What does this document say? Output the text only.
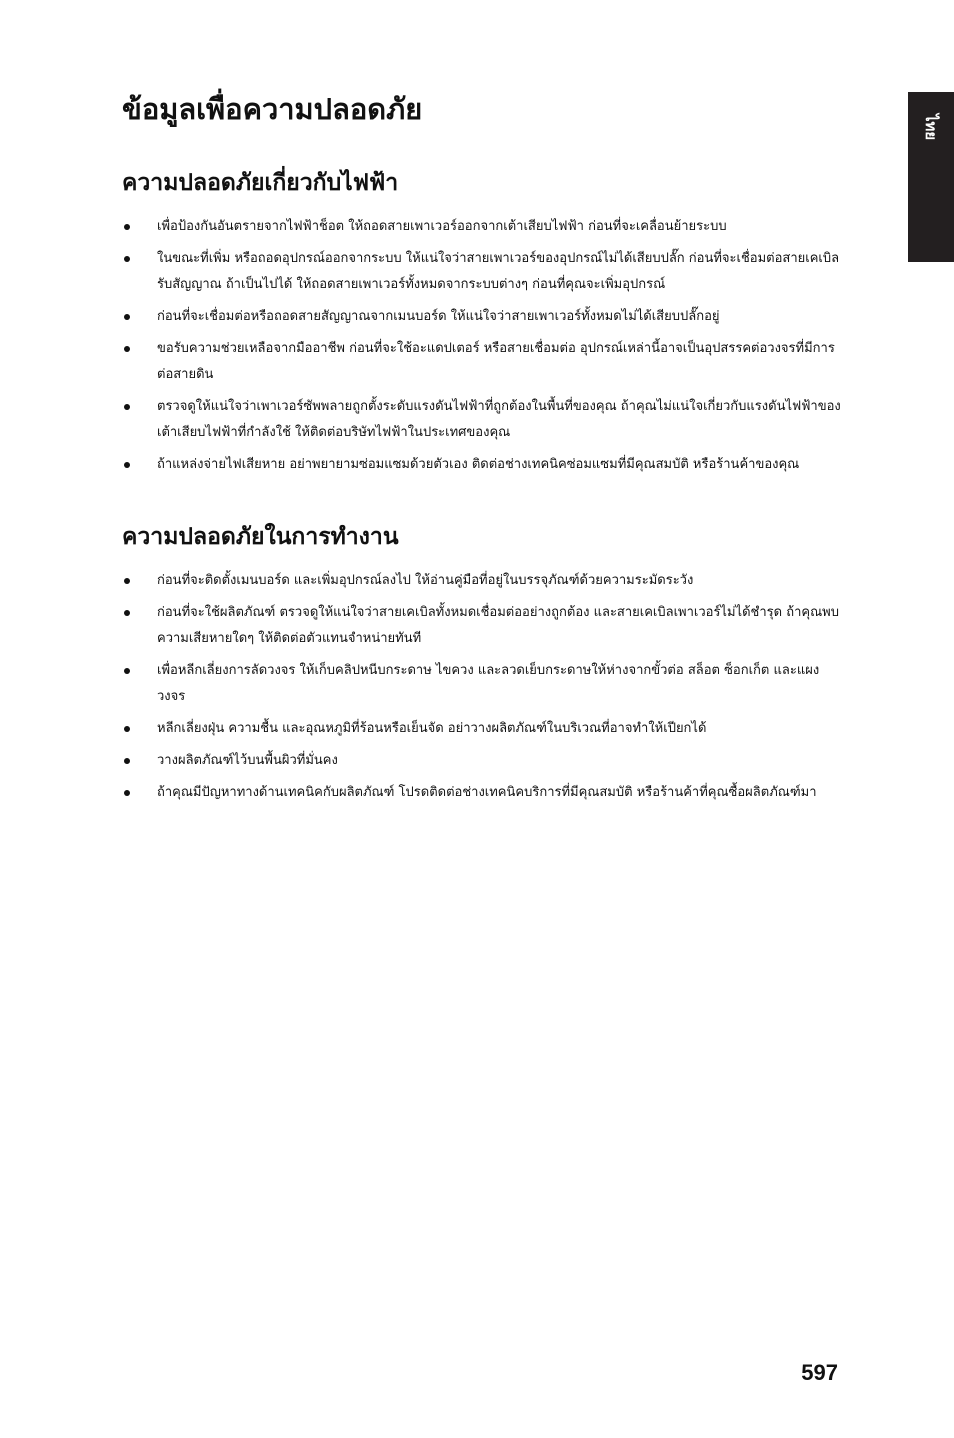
ข้อมูลเพื่อความปลอดภัย
ไทย
ความปลอดภัยเกี่ยวกับไฟฟ้า
เพื่อป้องกันอันตรายจากไฟฟ้าช็อต ให้ถอดสายเพาเวอร์ออกจากเต้าเสียบไฟฟ้า ก่อนที่จะเคลื่อนย้ายระบบ
ในขณะที่เพิ่ม หรือถอดอุปกรณ์ออกจากระบบ ให้แน่ใจว่าสายเพาเวอร์ของอุปกรณ์ไม่ได้เสียบปลั๊ก ก่อนที่จะเชื่อมต่อสายเคเบิลรับสัญญาณ ถ้าเป็นไปได้ ให้ถอดสายเพาเวอร์ทั้งหมดจากระบบต่างๆ ก่อนที่คุณจะเพิ่มอุปกรณ์
ก่อนที่จะเชื่อมต่อหรือถอดสายสัญญาณจากเมนบอร์ด ให้แน่ใจว่าสายเพาเวอร์ทั้งหมดไม่ได้เสียบปลั๊กอยู่
ขอรับความช่วยเหลือจากมืออาชีพ ก่อนที่จะใช้อะแดปเตอร์ หรือสายเชื่อมต่อ อุปกรณ์เหล่านี้อาจเป็นอุปสรรคต่อวงจรที่มีการต่อสายดิน
ตรวจดูให้แน่ใจว่าเพาเวอร์ซัพพลายถูกตั้งระดับแรงดันไฟฟ้าที่ถูกต้องในพื้นที่ของคุณ ถ้าคุณไม่แน่ใจเกี่ยวกับแรงดันไฟฟ้าของเต้าเสียบไฟฟ้าที่กำลังใช้ ให้ติดต่อบริษัทไฟฟ้าในประเทศของคุณ
ถ้าแหล่งจ่ายไฟเสียหาย อย่าพยายามซ่อมแซมด้วยตัวเอง ติดต่อช่างเทคนิคซ่อมแซมที่มีคุณสมบัติ หรือร้านค้าของคุณ
ความปลอดภัยในการทำงาน
ก่อนที่จะติดตั้งเมนบอร์ด และเพิ่มอุปกรณ์ลงไป ให้อ่านคู่มือที่อยู่ในบรรจุภัณฑ์ด้วยความระมัดระวัง
ก่อนที่จะใช้ผลิตภัณฑ์ ตรวจดูให้แน่ใจว่าสายเคเบิลทั้งหมดเชื่อมต่ออย่างถูกต้อง และสายเคเบิลเพาเวอร์ไม่ได้ชำรุด ถ้าคุณพบความเสียหายใดๆ ให้ติดต่อตัวแทนจำหน่ายทันที
เพื่อหลีกเลี่ยงการลัดวงจร ให้เก็บคลิปหนีบกระดาษ ไขควง และลวดเย็บกระดาษให้ห่างจากขั้วต่อ สล็อต ซ็อกเก็ต และแผงวงจร
หลีกเลี่ยงฝุ่น ความชื้น และอุณหภูมิที่ร้อนหรือเย็นจัด อย่าวางผลิตภัณฑ์ในบริเวณที่อาจทำให้เปียกได้
วางผลิตภัณฑ์ไว้บนพื้นผิวที่มั่นคง
ถ้าคุณมีปัญหาทางด้านเทคนิคกับผลิตภัณฑ์ โปรดติดต่อช่างเทคนิคบริการที่มีคุณสมบัติ หรือร้านค้าที่คุณซื้อผลิตภัณฑ์มา
597
